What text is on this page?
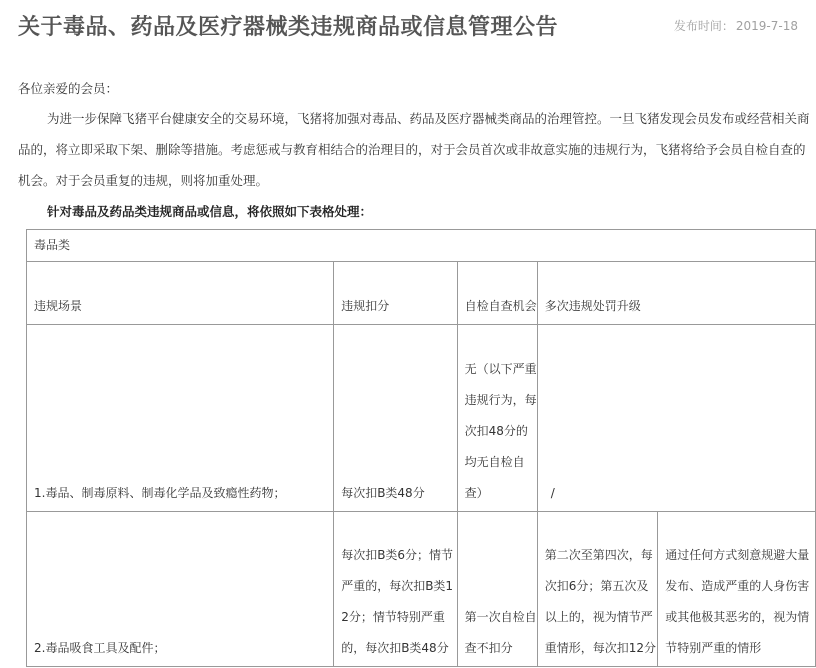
关于毒品、药品及医疗器械类违规商品或信息管理公告	发布时间： 2019-7-18
各位亲爱的会员：
为进一步保障飞猪平台健康安全的交易环境，飞猪将加强对毒品、药品及医疗器械类商品的治理管控。一旦飞猪发现会员发布或经营相关商
品的，将立即采取下架、删除等措施。考虑惩戒与教育相结合的治理目的，对于会员首次或非故意实施的违规行为，飞猪将给予会员自检自查的
机会。对于会员重复的违规，则将加重处理。
针对毒品及药品类违规商品或信息，将依照如下表格处理：
毒品类				

违规场景	违规扣分	自检自查机会	多次违规处罚升级	

1.毒品、制毒原料、制毒化学品及致瘾性药物；	每次扣B类48分	无（以下严重违规行为，每次扣48分的均无自检自查）	/	

2.毒品吸食工具及配件；	每次扣B类6分；情节严重的，每次扣B类12分；情节特别严重的，每次扣B类48分	第一次自检自查不扣分	第二次至第四次，每次扣6分；第五次及以上的，视为情节严重情形，每次扣12分	通过任何方式刻意规避大量发布、造成严重的人身伤害或其他极其恶劣的，视为情节特别严重的情形
